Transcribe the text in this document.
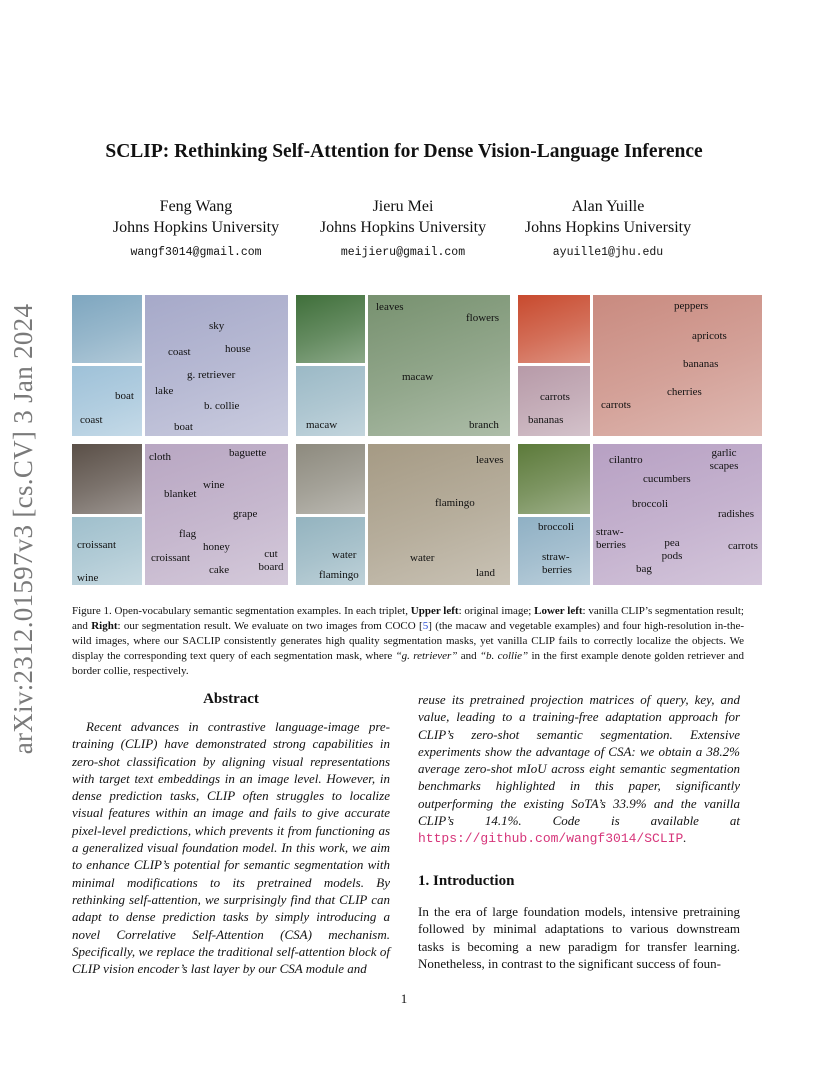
arXiv:2312.01597v3 [cs.CV] 3 Jan 2024
SCLIP: Rethinking Self-Attention for Dense Vision-Language Inference
Feng Wang
Johns Hopkins University
wangf3014@gmail.com
Jieru Mei
Johns Hopkins University
meijieru@gmail.com
Alan Yuille
Johns Hopkins University
ayuille1@jhu.edu
boat
coast
sky
coast	house
lake
g. retriever
b. collie
boat	macaw
leaves
flowers
macaw
branch
carrots
bananas
peppers
apricots
bananas
carrots
cherries
croissant
wine
cloth	baguette
blanket
wine
grape
flag
croissant
honey
cut board
cake
water
flamingo
leaves
flamingo
water
land
broccoli
straw-berries
cilantro
garlic scapes
cucumbers
broccoli
radishes
straw-berries	pea pods
carrots
bag
Figure 1. Open-vocabulary semantic segmentation examples. In each triplet, Upper left: original image; Lower left: vanilla CLIP’s segmentation result; and Right: our segmentation result. We evaluate on two images from COCO [5] (the macaw and vegetable examples) and four high-resolution in-the-wild images, where our SACLIP consistently generates high quality segmentation masks, yet vanilla CLIP fails to correctly localize the objects. We display the corresponding text query of each segmentation mask, where “g. retriever” and “b. collie” in the first example denote golden retriever and border collie, respectively.
Abstract
Recent advances in contrastive language-image pre-training (CLIP) have demonstrated strong capabilities in zero-shot classification by aligning visual representations with target text embeddings in an image level. However, in dense prediction tasks, CLIP often struggles to localize visual features within an image and fails to give accurate pixel-level predictions, which prevents it from functioning as a generalized visual foundation model. In this work, we aim to enhance CLIP’s potential for semantic segmentation with minimal modifications to its pretrained models. By rethinking self-attention, we surprisingly find that CLIP can adapt to dense prediction tasks by simply introducing a novel Correlative Self-Attention (CSA) mechanism. Specifically, we replace the traditional self-attention block of CLIP vision encoder’s last layer by our CSA module and
reuse its pretrained projection matrices of query, key, and value, leading to a training-free adaptation approach for CLIP’s zero-shot semantic segmentation. Extensive experiments show the advantage of CSA: we obtain a 38.2% average zero-shot mIoU across eight semantic segmentation benchmarks highlighted in this paper, significantly outperforming the existing SoTA’s 33.9% and the vanilla CLIP’s 14.1%. Code is available at https://github.com/wangf3014/SCLIP.
1. Introduction
In the era of large foundation models, intensive pretraining followed by minimal adaptations to various downstream tasks is becoming a new paradigm for transfer learning. Nonetheless, in contrast to the significant success of foun-
1
